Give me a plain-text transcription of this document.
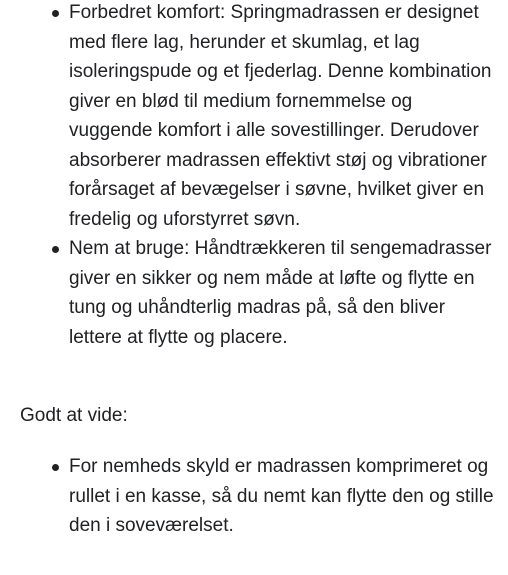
Forbedret komfort: Springmadrassen er designet med flere lag, herunder et skumlag, et lag isoleringspude og et fjederlag. Denne kombination giver en blød til medium fornemmelse og vuggende komfort i alle sovestillinger. Derudover absorberer madrassen effektivt støj og vibrationer forårsaget af bevægelser i søvne, hvilket giver en fredelig og uforstyrret søvn.
Nem at bruge: Håndtrækkeren til sengemadrasser giver en sikker og nem måde at løfte og flytte en tung og uhåndterlig madras på, så den bliver lettere at flytte og placere.
Godt at vide:
For nemheds skyld er madrassen komprimeret og rullet i en kasse, så du nemt kan flytte den og stille den i soveværelset.
